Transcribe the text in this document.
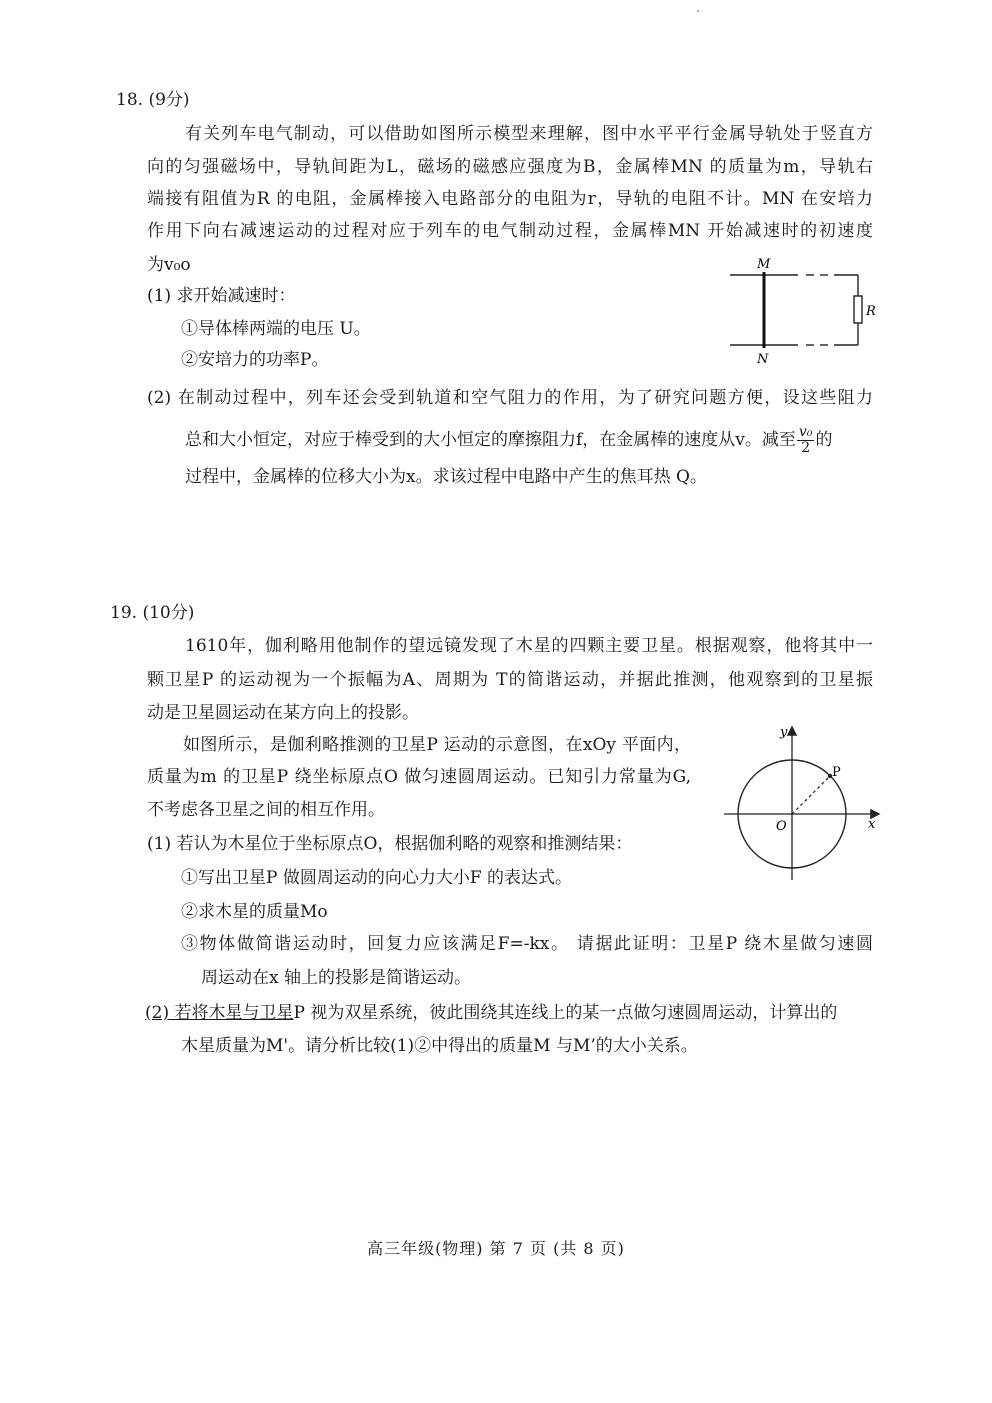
18. (9分)
有关列车电气制动，可以借助如图所示模型来理解，图中水平平行金属导轨处于竖直方
向的匀强磁场中，导轨间距为L，磁场的磁感应强度为B，金属棒MN 的质量为m，导轨右
端接有阻值为R 的电阻，金属棒接入电路部分的电阻为r，导轨的电阻不计。MN 在安培力
作用下向右减速运动的过程对应于列车的电气制动过程，金属棒MN 开始减速时的初速度
为v₀o
(1) 求开始减速时：
①导体棒两端的电压 U。
②安培力的功率P。
(2) 在制动过程中，列车还会受到轨道和空气阻力的作用，为了研究问题方便，设这些阻力
总和大小恒定，对应于棒受到的大小恒定的摩擦阻力f，在金属棒的速度从v。减至 $\frac{\text{v₀}}{2}$ 的
过程中，金属棒的位移大小为x。求该过程中电路中产生的焦耳热 Q。
M
N
R
19. (10分)
1610年，伽利略用他制作的望远镜发现了木星的四颗主要卫星。根据观察，他将其中一
颗卫星P 的运动视为一个振幅为A、周期为 T的简谐运动，并据此推测，他观察到的卫星振
动是卫星圆运动在某方向上的投影。
如图所示，是伽利略推测的卫星P 运动的示意图，在xOy 平面内，
质量为m 的卫星P 绕坐标原点O 做匀速圆周运动。已知引力常量为G,
不考虑各卫星之间的相互作用。
(1) 若认为木星位于坐标原点O，根据伽利略的观察和推测结果：
①写出卫星P 做圆周运动的向心力大小F 的表达式。
②求木星的质量Mo
③物体做简谐运动时，回复力应该满足F=-kx。 请据此证明：卫星P 绕木星做匀速圆
周运动在x 轴上的投影是简谐运动。
(2) 若将木星与卫星P 视为双星系统，彼此围绕其连线上的某一点做匀速圆周运动，计算出的
木星质量为M'。请分析比较(1)②中得出的质量M 与M’的大小关系。
y
x
O
P
高三年级(物理) 第 7 页 (共 8 页)
